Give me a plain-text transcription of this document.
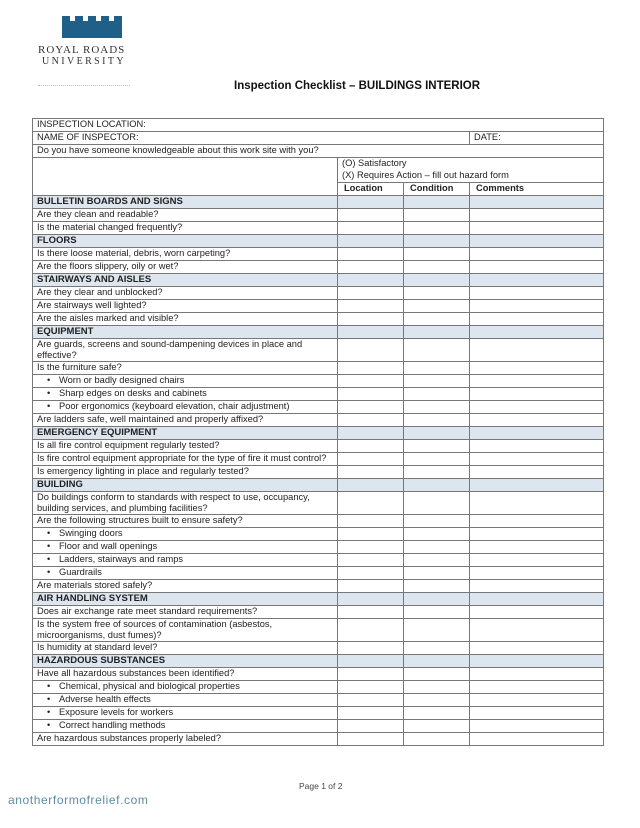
ROYAL ROADS
UNIVERSITY
Inspection Checklist – BUILDINGS INTERIOR
INSPECTION LOCATION:			
NAME OF INSPECTOR:			DATE:
Do you have someone knowledgeable about this work site with you?			
	(O) Satisfactory		
	(X) Requires Action – fill out hazard form		
	Location	Condition	Comments
BULLETIN BOARDS AND SIGNS			
Are they clean and readable?			
Is the material changed frequently?			
FLOORS			
Is there loose material, debris, worn carpeting?			
Are the floors slippery, oily or wet?			
STAIRWAYS AND AISLES			
Are they clear and unblocked?			
Are stairways well lighted?			
Are the aisles marked and visible?			
EQUIPMENT			
Are guards, screens and sound-dampening devices in place and effective?			
Is the furniture safe?			
• Worn or badly designed chairs			
• Sharp edges on desks and cabinets			
• Poor ergonomics (keyboard elevation, chair adjustment)			
Are ladders safe, well maintained and properly affixed?			
EMERGENCY EQUIPMENT			
Is all fire control equipment regularly tested?			
Is fire control equipment appropriate for the type of fire it must control?			
Is emergency lighting in place and regularly tested?			
BUILDING			
Do buildings conform to standards with respect to use, occupancy, building services, and plumbing facilities?			
Are the following structures built to ensure safety?			
• Swinging doors			
• Floor and wall openings			
• Ladders, stairways and ramps			
• Guardrails			
Are materials stored safely?			
AIR HANDLING SYSTEM			
Does air exchange rate meet standard requirements?			
Is the system free of sources of contamination (asbestos, microorganisms, dust fumes)?			
Is humidity at standard level?			
HAZARDOUS SUBSTANCES			
Have all hazardous substances been identified?			
• Chemical, physical and biological properties			
• Adverse health effects			
• Exposure levels for workers			
• Correct handling methods			
Are hazardous substances properly labeled?			
Page 1 of 2
anotherformofrelief.com
